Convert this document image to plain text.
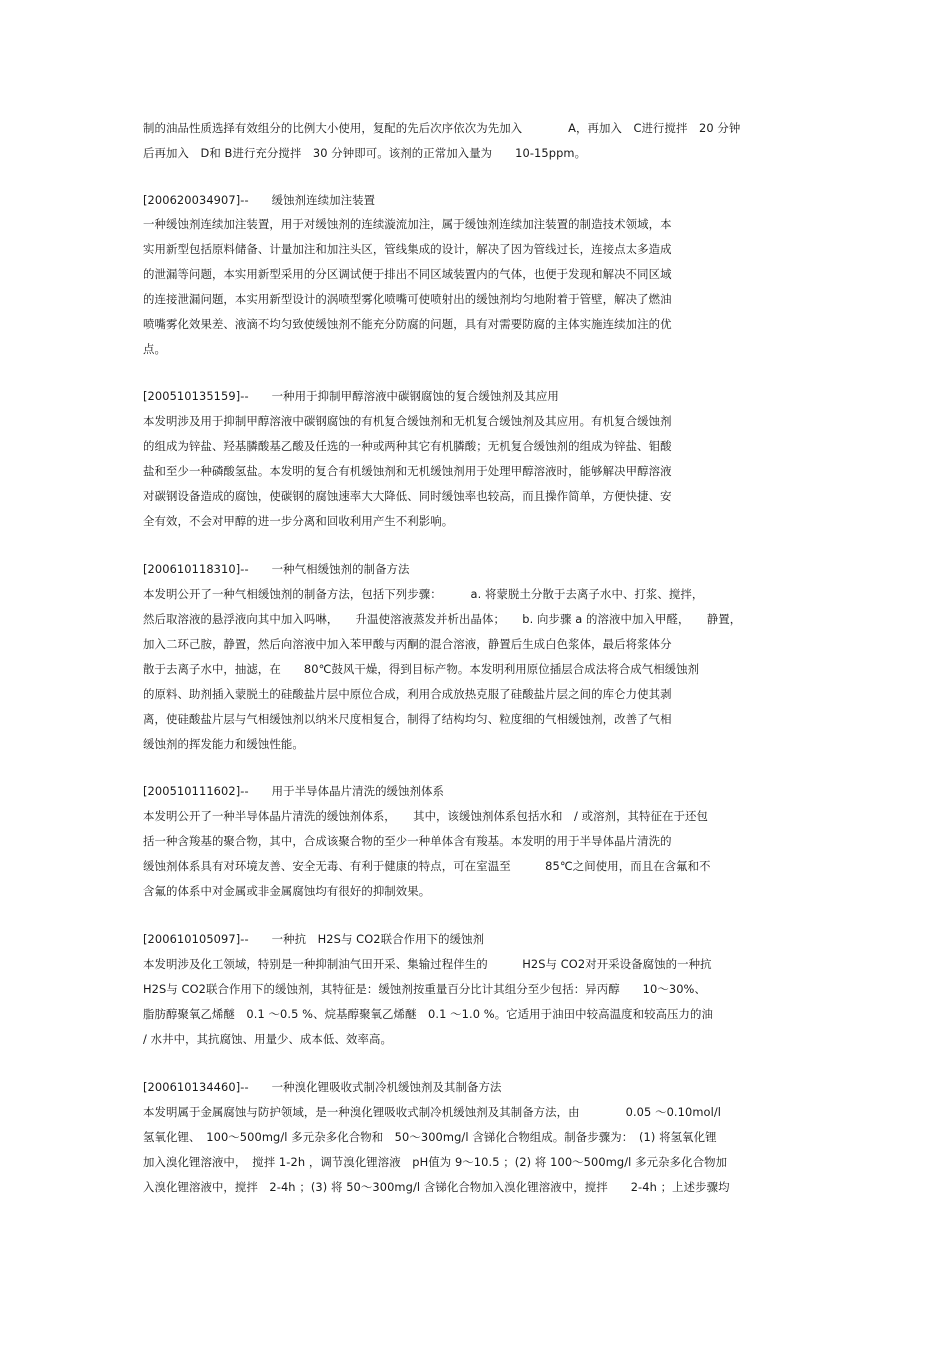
制的油品性质选择有效组分的比例大小使用，复配的先后次序依次为先加入　　　　A，再加入　C进行搅拌　20 分钟
后再加入　D和 B进行充分搅拌　30 分钟即可。该剂的正常加入量为　　10-15ppm。
[200620034907]--　　缓蚀剂连续加注装置
一种缓蚀剂连续加注装置，用于对缓蚀剂的连续漩流加注，属于缓蚀剂连续加注装置的制造技术领域，本
实用新型包括原料储备、计量加注和加注头区，管线集成的设计，解决了因为管线过长，连接点太多造成
的泄漏等问题，本实用新型采用的分区调试便于排出不同区域装置内的气体，也便于发现和解决不同区域
的连接泄漏问题，本实用新型设计的涡喷型雾化喷嘴可使喷射出的缓蚀剂均匀地附着于管壁，解决了燃油
喷嘴雾化效果差、液滴不均匀致使缓蚀剂不能充分防腐的问题，具有对需要防腐的主体实施连续加注的优
点。
[200510135159]--　　一种用于抑制甲醇溶液中碳钢腐蚀的复合缓蚀剂及其应用
本发明涉及用于抑制甲醇溶液中碳钢腐蚀的有机复合缓蚀剂和无机复合缓蚀剂及其应用。有机复合缓蚀剂
的组成为锌盐、羟基膦酸基乙酸及任选的一种或两种其它有机膦酸；无机复合缓蚀剂的组成为锌盐、钼酸
盐和至少一种磷酸氢盐。本发明的复合有机缓蚀剂和无机缓蚀剂用于处理甲醇溶液时，能够解决甲醇溶液
对碳钢设备造成的腐蚀，使碳钢的腐蚀速率大大降低、同时缓蚀率也较高，而且操作简单，方便快捷、安
全有效，不会对甲醇的进一步分离和回收利用产生不利影响。
[200610118310]--　　一种气相缓蚀剂的制备方法
本发明公开了一种气相缓蚀剂的制备方法，包括下列步骤：　　　a. 将蒙脱土分散于去离子水中、打浆、搅拌，
然后取溶液的悬浮液向其中加入吗啉，　　升温使溶液蒸发并析出晶体；　　b. 向步骤 a 的溶液中加入甲醛，　　静置，
加入二环己胺，静置，然后向溶液中加入苯甲酸与丙酮的混合溶液，静置后生成白色浆体，最后将浆体分
散于去离子水中，抽滤，在　　80℃鼓风干燥，得到目标产物。本发明利用原位插层合成法将合成气相缓蚀剂
的原料、助剂插入蒙脱土的硅酸盐片层中原位合成，利用合成放热克服了硅酸盐片层之间的库仑力使其剥
离，使硅酸盐片层与气相缓蚀剂以纳米尺度相复合，制得了结构均匀、粒度细的气相缓蚀剂，改善了气相
缓蚀剂的挥发能力和缓蚀性能。
[200510111602]--　　用于半导体晶片清洗的缓蚀剂体系
本发明公开了一种半导体晶片清洗的缓蚀剂体系，　　其中，该缓蚀剂体系包括水和　/ 或溶剂，其特征在于还包
括一种含羧基的聚合物，其中，合成该聚合物的至少一种单体含有羧基。本发明的用于半导体晶片清洗的
缓蚀剂体系具有对环境友善、安全无毒、有利于健康的特点，可在室温至　　　85℃之间使用，而且在含氟和不
含氟的体系中对金属或非金属腐蚀均有很好的抑制效果。
[200610105097]--　　一种抗　H2S与 CO2联合作用下的缓蚀剂
本发明涉及化工领域，特别是一种抑制油气田开采、集输过程伴生的　　　H2S与 CO2对开采设备腐蚀的一种抗
H2S与 CO2联合作用下的缓蚀剂，其特征是：缓蚀剂按重量百分比计其组分至少包括：异丙醇　　10～30%、
脂肪醇聚氧乙烯醚　0.1 ～0.5 %、烷基醇聚氧乙烯醚　0.1 ～1.0 %。它适用于油田中较高温度和较高压力的油
/ 水井中，其抗腐蚀、用量少、成本低、效率高。
[200610134460]--　　一种溴化锂吸收式制冷机缓蚀剂及其制备方法
本发明属于金属腐蚀与防护领域，是一种溴化锂吸收式制冷机缓蚀剂及其制备方法，由　　　　0.05 ～0.10mol/l
氢氧化锂、　100～500mg/l 多元杂多化合物和　50～300mg/l 含锑化合物组成。制备步骤为：　(1) 将氢氧化锂
加入溴化锂溶液中，　搅拌 1-2h ，调节溴化锂溶液　pH值为 9～10.5 ；(2) 将 100～500mg/l 多元杂多化合物加
入溴化锂溶液中，搅拌　2-4h ；(3) 将 50～300mg/l 含锑化合物加入溴化锂溶液中，搅拌　　2-4h ；上述步骤均
